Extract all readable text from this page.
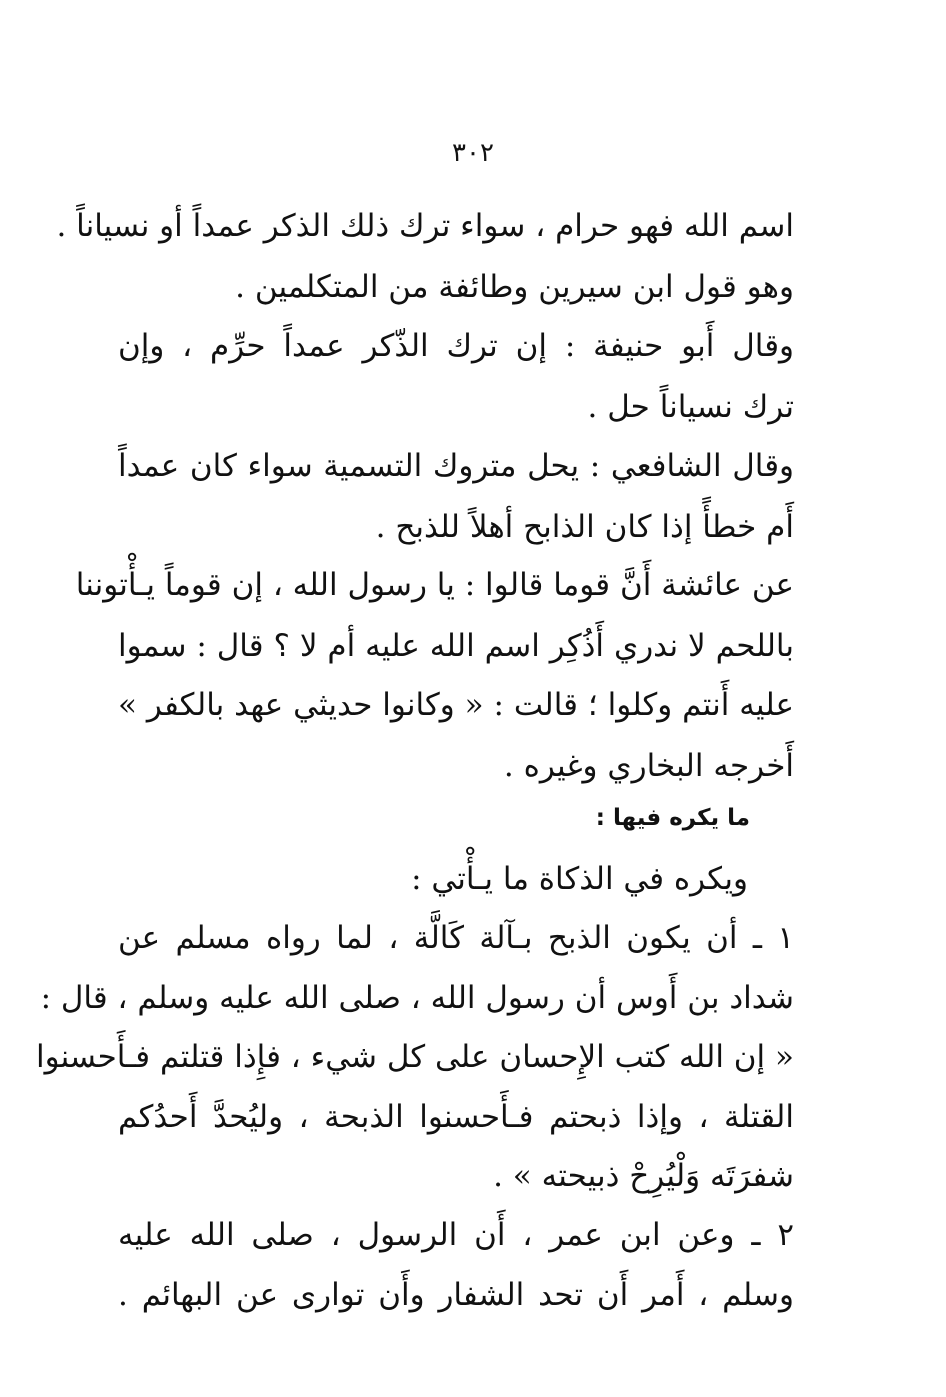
٣٠٢
اسم الله فهو حرام ، سواء ترك ذلك الذكر عمداً أو نسياناً .
وهو قول ابن سيرين وطائفة من المتكلمين .
وقال أَبو حنيفة : إن ترك الذّكر عمداً حرِّم ، وإن
ترك نسياناً حل .
وقال الشافعي : يحل متروك التسمية سواء كان عمداً
أَم خطأً إذا كان الذابح أهلاً للذبح .
عن عائشة أَنَّ قوما قالوا : يا رسول الله ، إن قوماً يـأْتوننا
باللحم لا ندري أَذُكِر اسم الله عليه أم لا ؟ قال : سموا
عليه أَنتم وكلوا ؛ قالت : « وكانوا حديثي عهد بالكفر »
أَخرجه البخاري وغيره .
ما يكره فيها :
ويكره في الذكاة ما يـأْتي :
١ ـ أن يكون الذبح بـآلة كَالَّة ، لما رواه مسلم عن
شداد بن أَوس أن رسول الله ، صلى الله عليه وسلم ، قال :
« إن الله كتب الإِحسان على كل شيء ، فإِذا قتلتم فـأَحسنوا
القتلة ، وإذا ذبحتم فـأَحسنوا الذبحة ، وليُحدَّ أَحدُكم
شفرَتَه وَلْيُرِحْ ذبيحته » .
٢ ـ وعن ابن عمر ، أَن الرسول ، صلى الله عليه
وسلم ، أَمر أَن تحد الشفار وأَن توارى عن البهائم .
